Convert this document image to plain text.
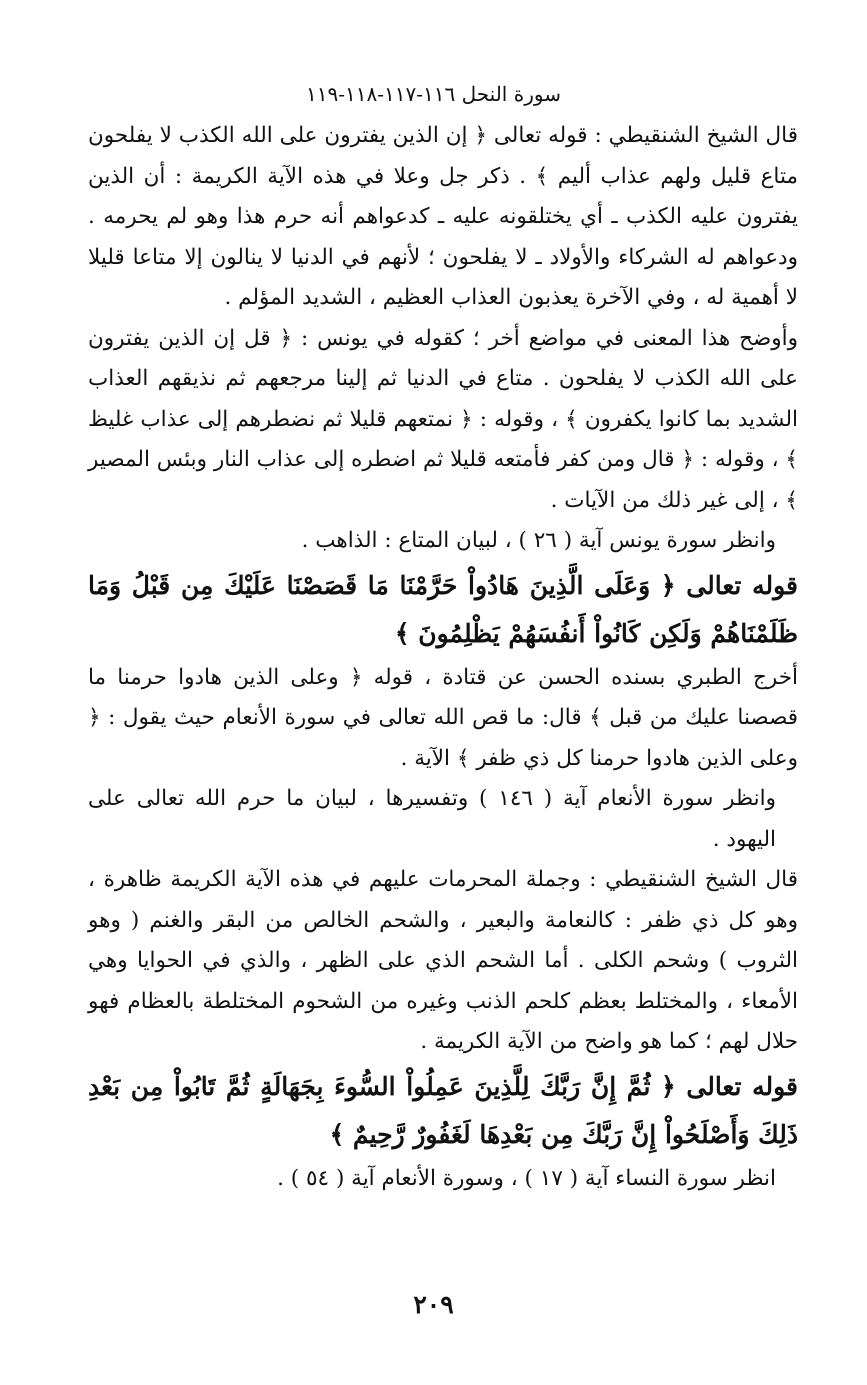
سورة النحل ١١٦-١١٧-١١٨-١١٩

قال الشيخ الشنقيطي : قوله تعالى ﴿ إن الذين يفترون على الله الكذب لا يفلحون متاع قليل ولهم عذاب أليم ﴾ . ذكر جل وعلا في هذه الآية الكريمة : أن الذين يفترون عليه الكذب ـ أي يختلقونه عليه ـ كدعواهم أنه حرم هذا وهو لم يحرمه . ودعواهم له الشركاء والأولاد ـ لا يفلحون ؛ لأنهم في الدنيا لا ينالون إلا متاعا قليلا لا أهمية له ، وفي الآخرة يعذبون العذاب العظيم ، الشديد المؤلم .

وأوضح هذا المعنى في مواضع أخر ؛ كقوله في يونس : ﴿ قل إن الذين يفترون على الله الكذب لا يفلحون . متاع في الدنيا ثم إلينا مرجعهم ثم نذيقهم العذاب الشديد بما كانوا يكفرون ﴾ ، وقوله : ﴿ نمتعهم قليلا ثم نضطرهم إلى عذاب غليظ ﴾ ، وقوله : ﴿ قال ومن كفر فأمتعه قليلا ثم اضطره إلى عذاب النار وبئس المصير ﴾ ، إلى غير ذلك من الآيات .

وانظر سورة يونس آية ( ٢٦ ) ، لبيان المتاع : الذاهب .

قوله تعالى ﴿ وَعَلَى الَّذِينَ هَادُواْ حَرَّمْنَا مَا قَصَصْنَا عَلَيْكَ مِن قَبْلُ وَمَا ظَلَمْنَاهُمْ وَلَكِن كَانُواْ أَنفُسَهُمْ يَظْلِمُونَ ﴾

أخرج الطبري بسنده الحسن عن قتادة ، قوله ﴿ وعلى الذين هادوا حرمنا ما قصصنا عليك من قبل ﴾ قال: ما قص الله تعالى في سورة الأنعام حيث يقول : ﴿ وعلى الذين هادوا حرمنا كل ذي ظفر ﴾ الآية .

وانظر سورة الأنعام آية ( ١٤٦ ) وتفسيرها ، لبيان ما حرم الله تعالى على اليهود .

قال الشيخ الشنقيطي : وجملة المحرمات عليهم في هذه الآية الكريمة ظاهرة ، وهو كل ذي ظفر : كالنعامة والبعير ، والشحم الخالص من البقر والغنم ( وهو الثروب ) وشحم الكلى . أما الشحم الذي على الظهر ، والذي في الحوايا وهي الأمعاء ، والمختلط بعظم كلحم الذنب وغيره من الشحوم المختلطة بالعظام فهو حلال لهم ؛ كما هو واضح من الآية الكريمة .

قوله تعالى ﴿ ثُمَّ إِنَّ رَبَّكَ لِلَّذِينَ عَمِلُواْ السُّوءَ بِجَهَالَةٍ ثُمَّ تَابُواْ مِن بَعْدِ ذَلِكَ وَأَصْلَحُواْ إِنَّ رَبَّكَ مِن بَعْدِهَا لَغَفُورٌ رَّحِيمٌ ﴾

انظر سورة النساء آية ( ١٧ ) ، وسورة الأنعام آية ( ٥٤ ) .

٢٠٩
